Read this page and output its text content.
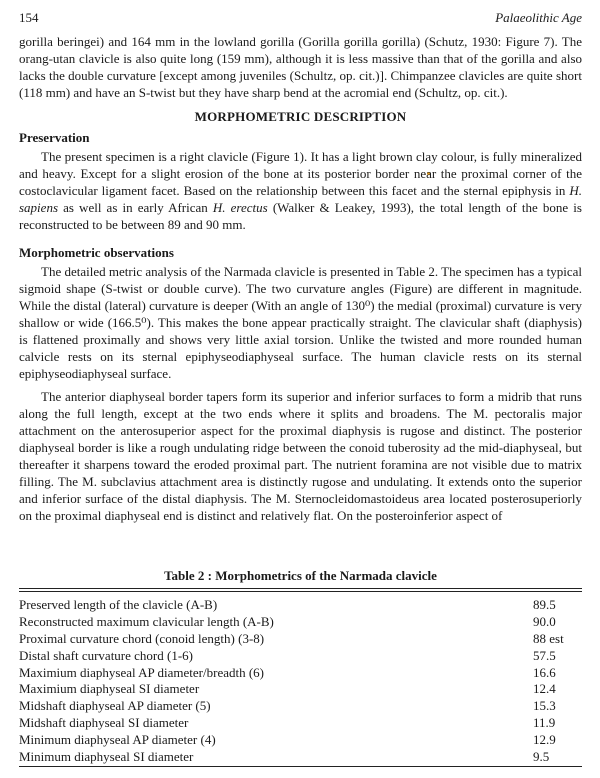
154	Palaeolithic Age

gorilla beringei) and 164 mm in the lowland gorilla (Gorilla gorilla gorilla) (Schutz, 1930: Figure 7). The orang-utan clavicle is also quite long (159 mm), although it is less massive than that of the gorilla and also lacks the double curvature [except among juveniles (Schultz, op. cit.)]. Chimpanzee clavicles are quite short (118 mm) and have an S-twist but they have sharp bend at the acromial end (Schultz, op. cit.).

MORPHOMETRIC DESCRIPTION
Preservation

The present specimen is a right clavicle (Figure 1). It has a light brown clay colour, is fully mineralized and heavy. Except for a slight erosion of the bone at its posterior border near the proximal corner of the costoclavicular ligament facet. Based on the relationship between this facet and the sternal epiphysis in H. sapiens as well as in early African H. erectus (Walker & Leakey, 1993), the total length of the bone is reconstructed to be between 89 and 90 mm.

Morphometric observations

The detailed metric analysis of the Narmada clavicle is presented in Table 2. The specimen has a typical sigmoid shape (S-twist or double curve). The two curvature angles (Figure) are different in magnitude. While the distal (lateral) curvature is deeper (With an angle of 130⁰) the medial (proximal) curvature is very shallow or wide (166.5⁰). This makes the bone appear practically straight. The clavicular shaft (diaphysis) is flattened proximally and shows very little axial torsion. Unlike the twisted and more rounded human calvicle rests on its sternal epiphyseodiaphyseal surface. The human clavicle rests on its sternal epiphyseodiaphyseal surface.

The anterior diaphyseal border tapers form its superior and inferior surfaces to form a midrib that runs along the full length, except at the two ends where it splits and broadens. The M. pectoralis major attachment on the anterosuperior aspect for the proximal diaphysis is rugose and distinct. The posterior diaphyseal border is like a rough undulating ridge between the conoid tuberosity ad the mid-diaphyseal, but thereafter it sharpens toward the eroded proximal part. The nutrient foramina are not visible due to matrix filling. The M. subclavius attachment area is distinctly rugose and undulating. It extends onto the superior and inferior surface of the distal diaphysis. The M. Sternocleidomastoideus area located posterosuperiorly on the proximal diaphyseal end is distinct and relatively flat. On the posteroinferior aspect of

Table 2 : Morphometrics of the Narmada clavicle
Preserved length of the clavicle (A-B)	89.5
Reconstructed maximum clavicular length (A-B)	90.0
Proximal curvature chord (conoid length) (3-8)	88 est
Distal shaft curvature chord (1-6)	57.5
Maximium diaphyseal AP diameter/breadth (6)	16.6
Maximium diaphyseal SI diameter	12.4
Midshaft diaphyseal AP diameter (5)	15.3
Midshaft diaphyseal SI diameter	11.9
Minimum diaphyseal AP diameter (4)	12.9
Minimum diaphyseal SI diameter	9.5
